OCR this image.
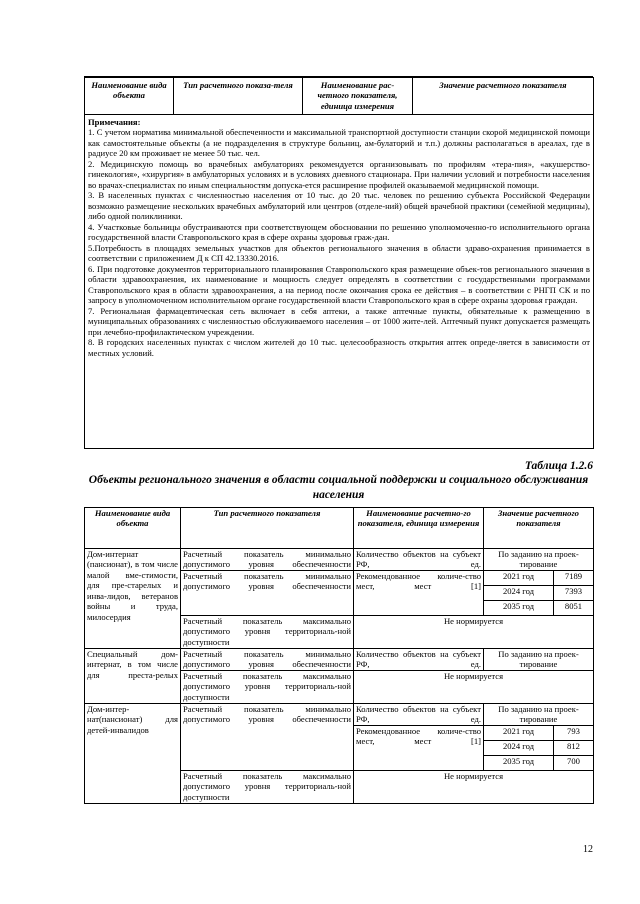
Наименование вида объекта	Тип расчетного показа-теля	Наименование рас-четного показателя, единица измерения	Значение расчетного показателя

Примечания:

1. С учетом норматива минимальной обеспеченности и максимальной транспортной доступности станции скорой медицинской помощи как самостоятельные объекты (а не подразделения в структуре больниц, ам-булаторий и т.п.) должны располагаться в ареалах, где в радиусе 20 км проживает не менее 50 тыс. чел.

2. Медицинскую помощь во врачебных амбулаториях рекомендуется организовывать по профилям «тера-пия», «акушерство-гинекология», «хирургия» в амбулаторных условиях и в условиях дневного стационара. При наличии условий и потребности населения во врачах-специалистах по иным специальностям допуска-ется расширение профилей оказываемой медицинской помощи.

3. В населенных пунктах с численностью населения от 10 тыс. до 20 тыс. человек по решению субъекта Российской Федерации возможно размещение нескольких врачебных амбулаторий или центров (отделе-ний) общей врачебной практики (семейной медицины), либо одной поликлиники.

4. Участковые больницы обустраиваются при соответствующем обосновании по решению уполномоченно-го исполнительного органа государственной власти Ставропольского края в сфере охраны здоровья граж-дан.

5.Потребность в площадях земельных участков для объектов регионального значения в области здраво-охранения принимается в соответствии с приложением Д к СП 42.13330.2016.

6. При подготовке документов территориального планирования Ставропольского края размещение объек-тов регионального значения в области здравоохранения, их наименование и мощность следует определять в соответствии с государственными программами Ставропольского края в области здравоохранения, а на период после окончания срока ее действия – в соответствии с РНГП СК и по запросу в уполномоченном исполнительном органе государственной власти Ставропольского края в сфере охраны здоровья граждан.

7. Региональная фармацевтическая сеть включает в себя аптеки, а также аптечные пункты, обязательные к размещению в муниципальных образованиях с численностью обслуживаемого населения – от 1000 жите-лей. Аптечный пункт допускается размещать при лечебно-профилактическом учреждении.

8. В городских населенных пунктах с числом жителей до 10 тыс. целесообразность открытия аптек опреде-ляется в зависимости от местных условий.

Таблица 1.2.6
Объекты регионального значения в области социальной поддержки и социального обслуживания населения
Наименование вида объекта	Тип расчетного показателя	Наименование расчетно-го показателя, единица измерения	Значение расчетного показателя	
Дом-интернат (пансионат), в том числе малой вме-стимости, для пре-старелых и инва-лидов, ветеранов войны и труда, милосердия	Расчетный показатель минимально допустимого уровня обеспеченности	Количество объектов на субъект РФ, ед.	По заданию на проек-тирование	
	Расчетный показатель минимально допустимого уровня обеспеченности	Рекомендованное количе-ство мест, мест [1]	2021 год	7189
			2024 год	7393
			2035 год	8051
	Расчетный показатель максимально допустимого уровня территориаль-ной доступности	Не нормируется		
Специальный дом-интернат, в том числе для преста-релых	Расчетный показатель минимально допустимого уровня обеспеченности	Количество объектов на субъект РФ, ед.	По заданию на проек-тирование	
	Расчетный показатель максимально допустимого уровня территориаль-ной доступности	Не нормируется		
Дом-интер-нат(пансионат) для детей-инвалидов	Расчетный показатель минимально допустимого уровня обеспеченности	Количество объектов на субъект РФ, ед.	По заданию на проек-тирование	
		Рекомендованное количе-ство мест, мест [1]	2021 год	793
			2024 год	812
			2035 год	700
	Расчетный показатель максимально допустимого уровня территориаль-ной доступности	Не нормируется		
12
